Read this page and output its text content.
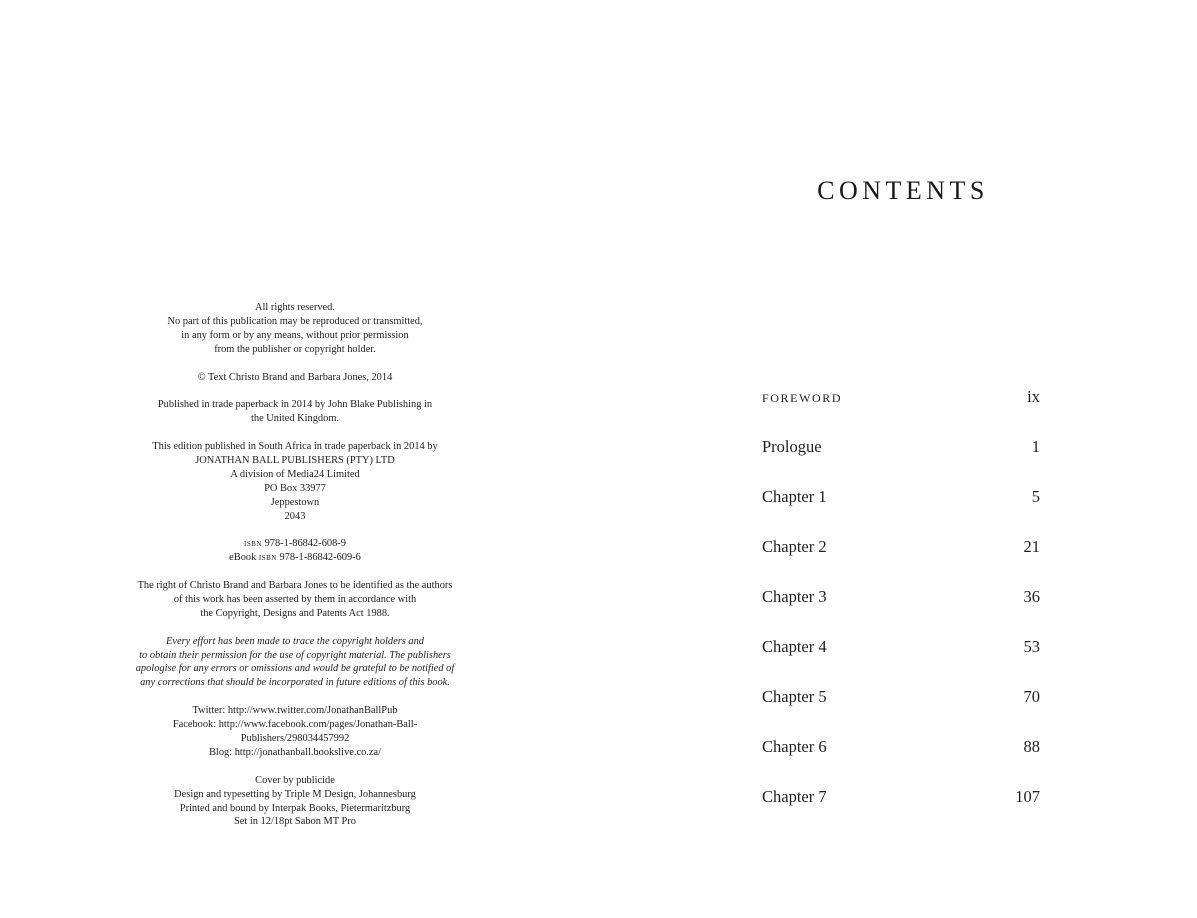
All rights reserved.
No part of this publication may be reproduced or transmitted,
in any form or by any means, without prior permission
from the publisher or copyright holder.
© Text Christo Brand and Barbara Jones, 2014
Published in trade paperback in 2014 by John Blake Publishing in
the United Kingdom.
This edition published in South Africa in trade paperback in 2014 by
JONATHAN BALL PUBLISHERS (PTY) LTD
A division of Media24 Limited
PO Box 33977
Jeppestown
2043
isbn 978-1-86842-608-9
eBook isbn 978-1-86842-609-6
The right of Christo Brand and Barbara Jones to be identified as the authors
of this work has been asserted by them in accordance with
the Copyright, Designs and Patents Act 1988.
Every effort has been made to trace the copyright holders and
to obtain their permission for the use of copyright material. The publishers
apologise for any errors or omissions and would be grateful to be notified of
any corrections that should be incorporated in future editions of this book.
Twitter: http://www.twitter.com/JonathanBallPub
Facebook: http://www.facebook.com/pages/Jonathan-Ball-
Publishers/298034457992
Blog: http://jonathanball.bookslive.co.za/
Cover by publicide
Design and typesetting by Triple M Design, Johannesburg
Printed and bound by Interpak Books, Pietermaritzburg
Set in 12/18pt Sabon MT Pro
CONTENTS
FOREWORD	ix
Prologue	1
Chapter 1	5
Chapter 2	21
Chapter 3	36
Chapter 4	53
Chapter 5	70
Chapter 6	88
Chapter 7	107
